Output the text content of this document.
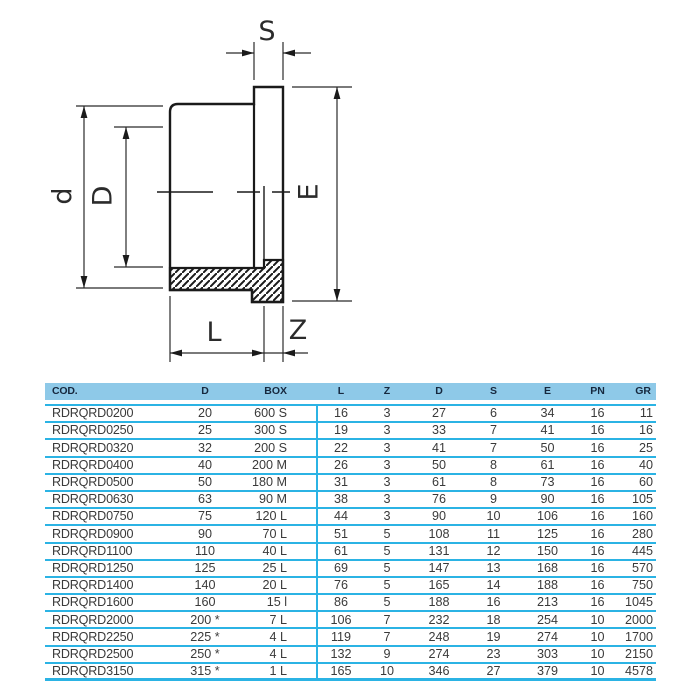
S
d D	E
L Z
COD.	D	BOX	L	Z	D	S	E	PN	GR
RDRQRD0200	20	600 S	16	3	27	6	34	16	11
RDRQRD0250	25	300 S	19	3	33	7	41	16	16
RDRQRD0320	32	200 S	22	3	41	7	50	16	25
RDRQRD0400	40	200 M	26	3	50	8	61	16	40
RDRQRD0500	50	180 M	31	3	61	8	73	16	60
RDRQRD0630	63	90 M	38	3	76	9	90	16	105
RDRQRD0750	75	120 L	44	3	90	10	106	16	160
RDRQRD0900	90	70 L	51	5	108	11	125	16	280
RDRQRD1100	110	40 L	61	5	131	12	150	16	445
RDRQRD1250	125	25 L	69	5	147	13	168	16	570
RDRQRD1400	140	20 L	76	5	165	14	188	16	750
RDRQRD1600	160	15 l	86	5	188	16	213	16	1045
RDRQRD2000	200 *	7 L	106	7	232	18	254	10	2000
RDRQRD2250	225 *	4 L	119	7	248	19	274	10	1700
RDRQRD2500	250 *	4 L	132	9	274	23	303	10	2150
RDRQRD3150	315 *	1 L	165	10	346	27	379	10	4578
